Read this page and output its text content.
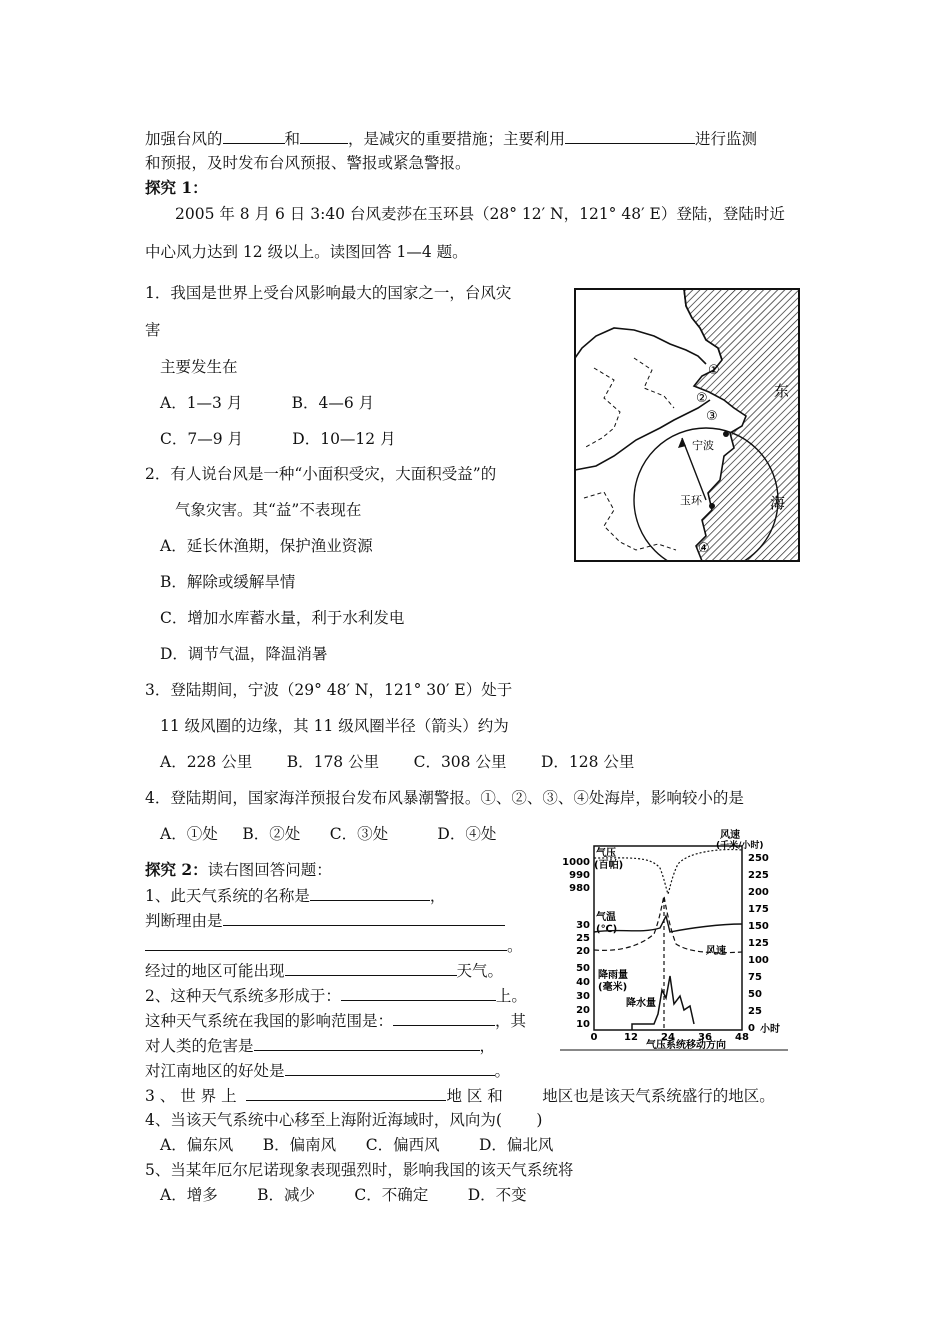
加强台风的	和	，是减灾的重要措施；主要利用	进行监测
和预报，及时发布台风预报、警报或紧急警报。
探究 1：
2005 年 8 月 6 日 3:40 台风麦莎在玉环县（28° 12′ N，121° 48′ E）登陆，登陆时近
中心风力达到 12 级以上。读图回答 1—4 题。
1．我国是世界上受台风影响最大的国家之一，台风灾
害
主要发生在
A．1—3 月          B．4—6 月
C．7—9 月          D．10—12 月
2．有人说台风是一种“小面积受灾，大面积受益”的
气象灾害。其“益”不表现在
A．延长休渔期，保护渔业资源
B．解除或缓解旱情
C．增加水库蓄水量，利于水利发电
D．调节气温，降温消暑
3．登陆期间，宁波（29° 48′ N，121° 30′ E）处于
11 级风圈的边缘，其 11 级风圈半径（箭头）约为
A．228 公里       B．178 公里       C．308 公里       D．128 公里
4．登陆期间，国家海洋预报台发布风暴潮警报。①、②、③、④处海岸，影响较小的是
A．①处     B．②处      C．③处          D．④处
东
海
宁波
玉环
①
②
③
④
探究 2：读右图回答问题：
1、此天气系统的名称是	，
判断理由是
。
经过的地区可能出现	天气。
2、这种天气系统多形成于：	上。
这种天气系统在我国的影响范围是：	，其
对人类的危害是	，
对江南地区的好处是	。
3 、 世 界 上	地 区 和	地区也是该天气系统盛行的地区。
4、当该天气系统中心移至上海附近海域时，风向为(       )
A．偏东风      B．偏南风      C．偏西风        D．偏北风
5、当某年厄尔尼诺现象表现强烈时，影响我国的该天气系统将
A．增多        B．减少        C．不确定        D．不变
气压
(百帕)
气温
(℃)
降雨量
(毫米)
降水量
风速
(千米/小时)
风速
小时
1000
990
980
30
25
20
50
40
30
20
10
250
225
200
175
150
125
100
75
50
25
0
0	12 24 36 48
气压系统移动方向
